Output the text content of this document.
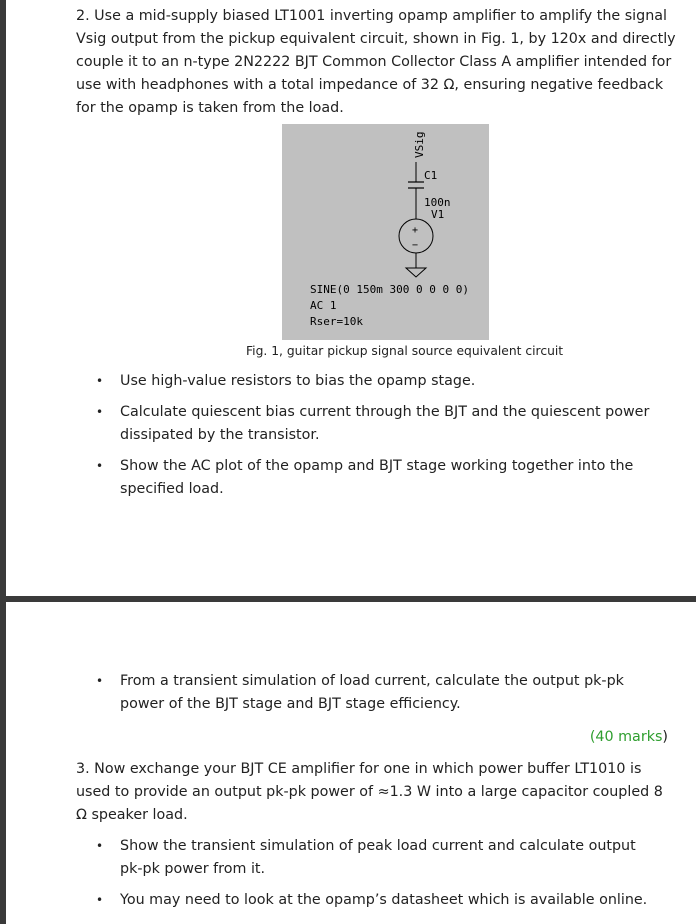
2. Use a mid-supply biased LT1001 inverting opamp amplifier to amplify the signal Vsig output from the pickup equivalent circuit, shown in Fig. 1, by 120x and directly couple it to an n-type 2N2222 BJT Common Collector Class A amplifier intended for use with headphones with a total impedance of 32 Ω, ensuring negative feedback for the opamp is taken from the load.

VSig
C1
100n
V1
+
−
SINE(0 150m 300 0 0 0 0)
AC 1
Rser=10k
Fig. 1, guitar pickup signal source equivalent circuit
•	Use high-value resistors to bias the opamp stage.
•	Calculate quiescent bias current through the BJT and the quiescent power dissipated by the transistor.
•	Show the AC plot of the opamp and BJT stage working together into the specified load.
•	From a transient simulation of load current, calculate the output pk-pk power of the BJT stage and BJT stage efficiency.
(40 marks)

3. Now exchange your BJT CE amplifier for one in which power buffer LT1010 is used to provide an output pk-pk power of ≈1.3 W into a large capacitor coupled 8 Ω speaker load.

•	Show the transient simulation of peak load current and calculate output pk-pk power from it.
•	You may need to look at the opamp’s datasheet which is available online.
